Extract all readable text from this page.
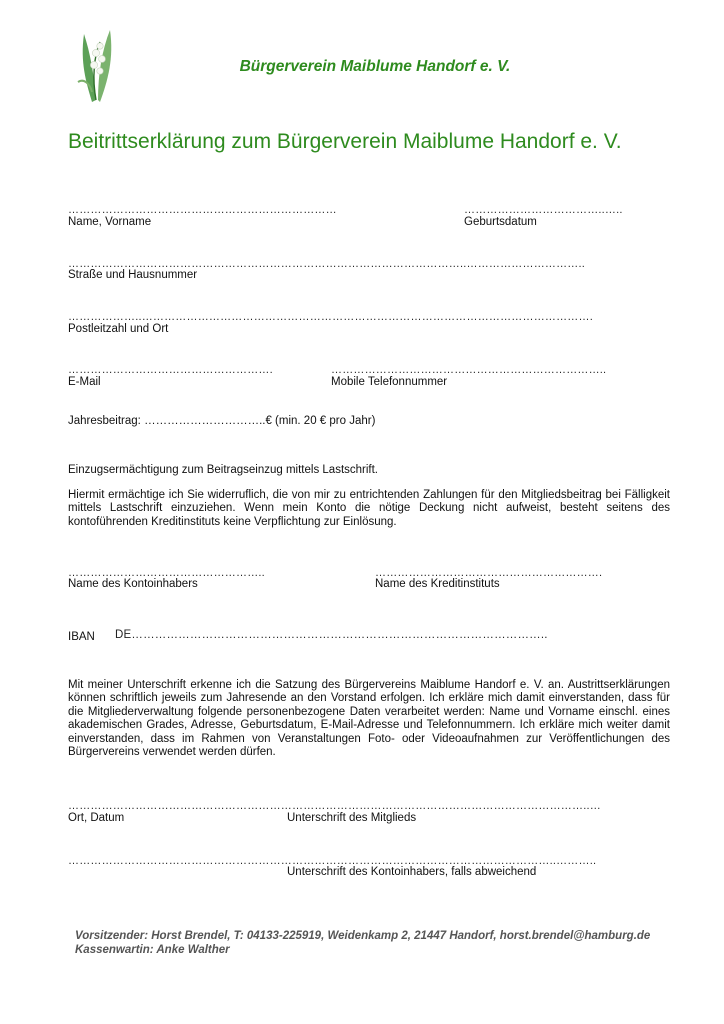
Bürgerverein Maiblume Handorf e. V.
Beitrittserklärung zum Bürgerverein Maiblume Handorf e. V.
………………………………………………………………
Name, Vorname
………………………………..…..
Geburtsdatum
……………………………………………………………………………………………..…………………………..
Straße und Hausnummer
………………..………………………………………………………………………………………………………….
Postleitzahl und Ort
……………………………………………….
E-Mail
………………………………………………………………..
Mobile Telefonnummer
Jahresbeitrag: …………………………..€ (min. 20 € pro Jahr)
Einzugsermächtigung zum Beitragseinzug mittels Lastschrift.
Hiermit ermächtige ich Sie widerruflich, die von mir zu entrichtenden Zahlungen für den Mitgliedsbeitrag bei Fälligkeit mittels Lastschrift einzuziehen. Wenn mein Konto die nötige Deckung nicht aufweist, besteht seitens des kontoführenden Kreditinstituts keine Verpflichtung zur Einlösung.
……………………………………………..
Name des Kontoinhabers
…………………………………………………….
Name des Kreditinstituts
IBAN DE……………………………………………………………………………………………..
Mit meiner Unterschrift erkenne ich die Satzung des Bürgervereins Maiblume Handorf e. V. an. Austrittserklärungen können schriftlich jeweils zum Jahresende an den Vorstand erfolgen. Ich erkläre mich damit einverstanden, dass für die Mitgliederverwaltung folgende personenbezogene Daten verarbeitet werden: Name und Vorname einschl. eines akademischen Grades, Adresse, Geburtsdatum, E-Mail-Adresse und Telefonnummern. Ich erkläre mich weiter damit einverstanden, dass im Rahmen von Veranstaltungen Foto- oder Videoaufnahmen zur Veröffentlichungen des Bürgervereins verwendet werden dürfen.
…………………………………………………………………………………………………………………………..…
Ort, Datum	Unterschrift des Mitglieds
…………………………………………………………………………………………………………………..………..
Unterschrift des Kontoinhabers, falls abweichend
Vorsitzender: Horst Brendel, T: 04133-225919, Weidenkamp 2, 21447 Handorf, horst.brendel@hamburg.de
Kassenwartin: Anke Walther
